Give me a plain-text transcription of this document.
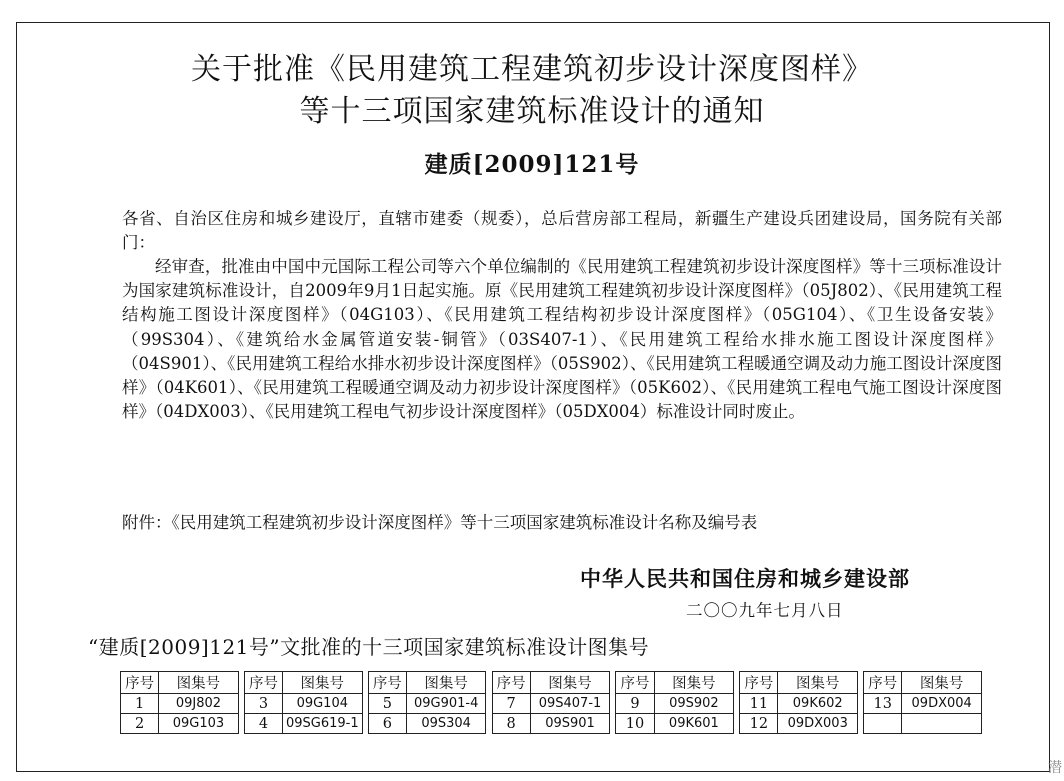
关于批准《民用建筑工程建筑初步设计深度图样》
等十三项国家建筑标准设计的通知
建质[2009]121号
各省、自治区住房和城乡建设厅，直辖市建委（规委），总后营房部工程局，新疆生产建设兵团建设局，国务院有关部门：
经审查，批准由中国中元国际工程公司等六个单位编制的《民用建筑工程建筑初步设计深度图样》等十三项标准设计为国家建筑标准设计，自2009年9月1日起实施。原《民用建筑工程建筑初步设计深度图样》（05J802）、《民用建筑工程结构施工图设计深度图样》（04G103）、《民用建筑工程结构初步设计深度图样》（05G104）、《卫生设备安装》（99S304）、《建筑给水金属管道安装-铜管》（03S407-1）、《民用建筑工程给水排水施工图设计深度图样》（04S901）、《民用建筑工程给水排水初步设计深度图样》（05S902）、《民用建筑工程暖通空调及动力施工图设计深度图样》（04K601）、《民用建筑工程暖通空调及动力初步设计深度图样》（05K602）、《民用建筑工程电气施工图设计深度图样》（04DX003）、《民用建筑工程电气初步设计深度图样》（05DX004）标准设计同时废止。
附件：《民用建筑工程建筑初步设计深度图样》等十三项国家建筑标准设计名称及编号表
中华人民共和国住房和城乡建设部
二〇〇九年七月八日
“建质[2009]121号”文批准的十三项国家建筑标准设计图集号
序号	图集号		序号	图集号		序号	图集号		序号	图集号		序号	图集号		序号	图集号		序号	图集号
1	09J802		3	09G104		5	09G901-4		7	09S407-1		9	09S902		11	09K602		13	09DX004
2	09G103		4	09SG619-1		6	09S304		8	09S901		10	09K601		12	09DX003			
潜
